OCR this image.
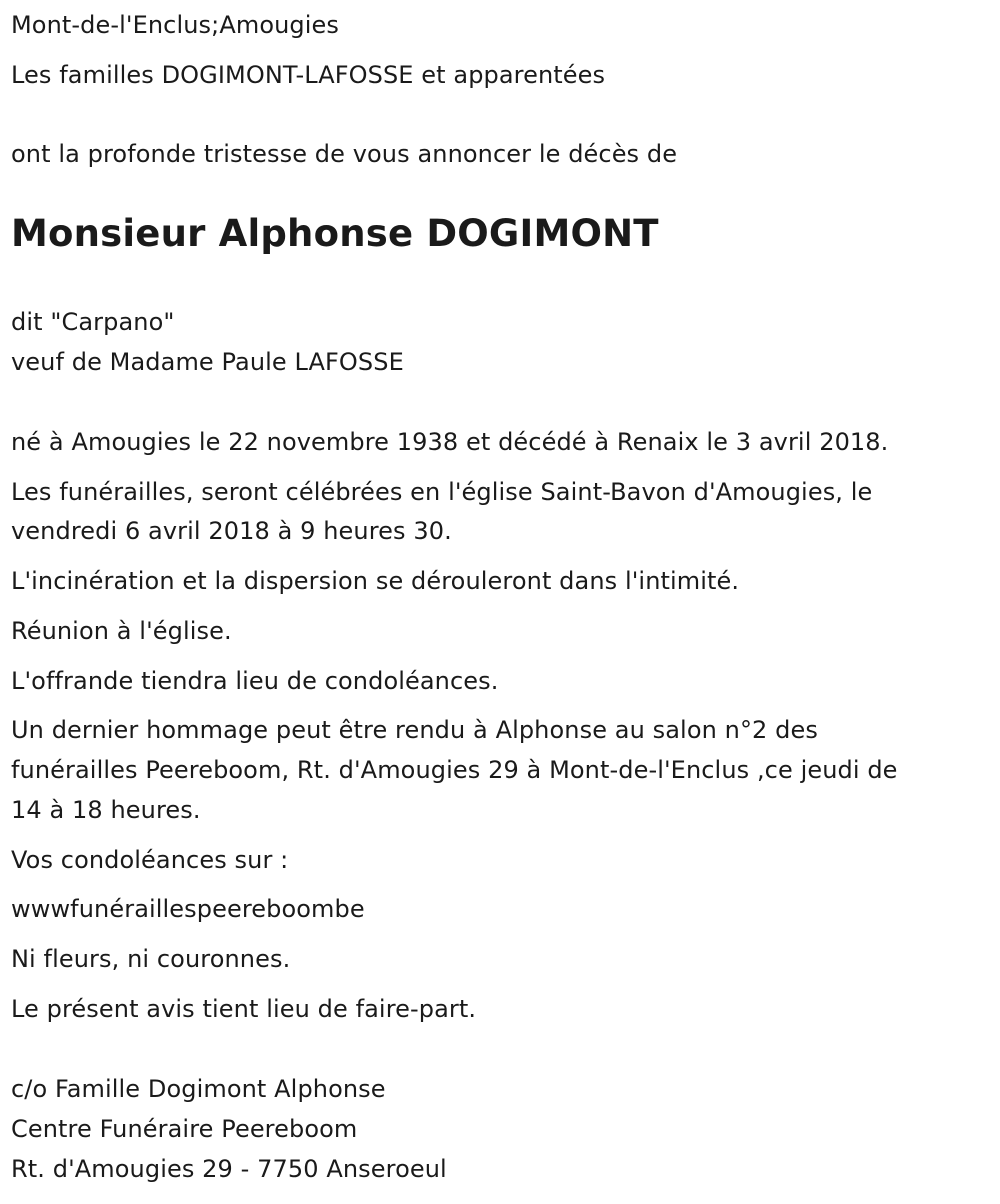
Mont-de-l'Enclus;Amougies
Les familles DOGIMONT-LAFOSSE et apparentées
ont la profonde tristesse de vous annoncer le décès de
Monsieur Alphonse DOGIMONT
dit "Carpano"
veuf de Madame Paule LAFOSSE
né à Amougies le 22 novembre 1938 et décédé à Renaix le 3 avril 2018.
Les funérailles, seront célébrées en l'église Saint-Bavon d'Amougies, le
vendredi 6 avril 2018 à 9 heures 30.
L'incinération et la dispersion se dérouleront dans l'intimité.
Réunion à l'église.
L'offrande tiendra lieu de condoléances.
Un dernier hommage peut être rendu à Alphonse au salon n°2 des
funérailles Peereboom, Rt. d'Amougies 29 à Mont-de-l'Enclus ,ce jeudi de
14 à 18 heures.
Vos condoléances sur :
wwwfunéraillespeereboombe
Ni fleurs, ni couronnes.
Le présent avis tient lieu de faire-part.
c/o Famille Dogimont Alphonse
Centre Funéraire Peereboom
Rt. d'Amougies 29 - 7750 Anseroeul
